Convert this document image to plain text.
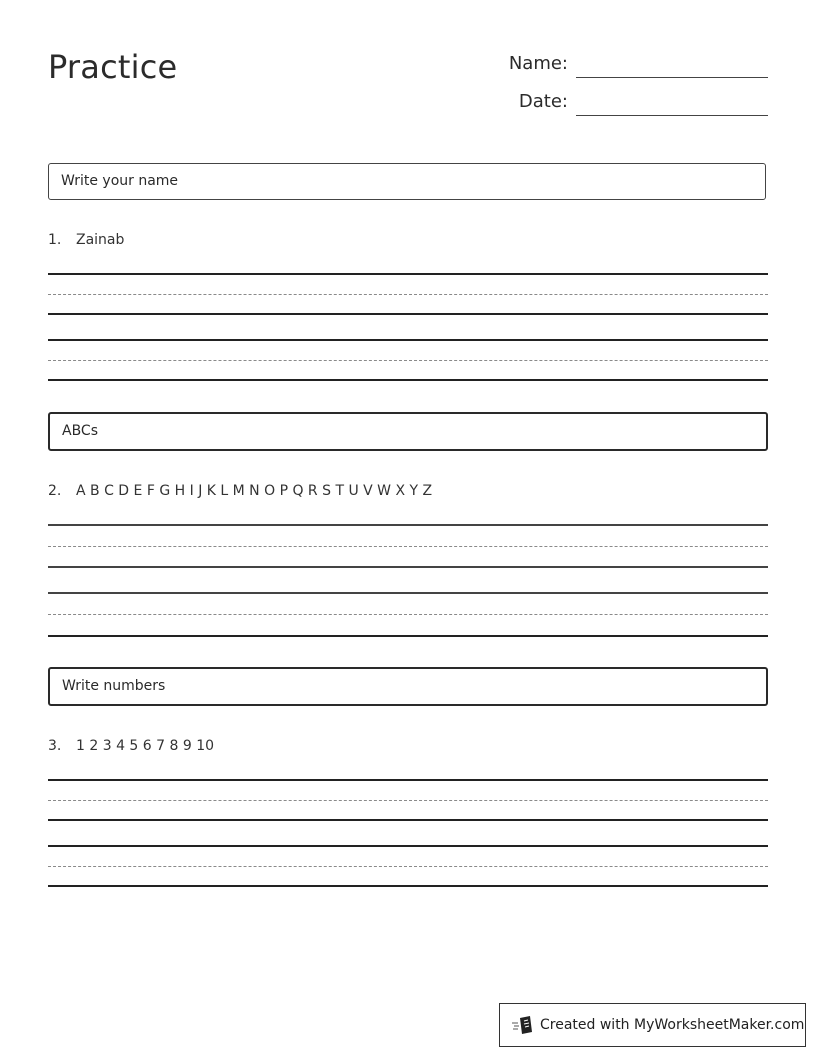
Practice	Name:
Date:
Write your name
1. Zainab
ABCs
2. A B C D E F G H I J K L M N O P Q R S T U V W X Y Z
Write numbers
3. 1 2 3 4 5 6 7 8 9 10
Created with MyWorksheetMaker.com
